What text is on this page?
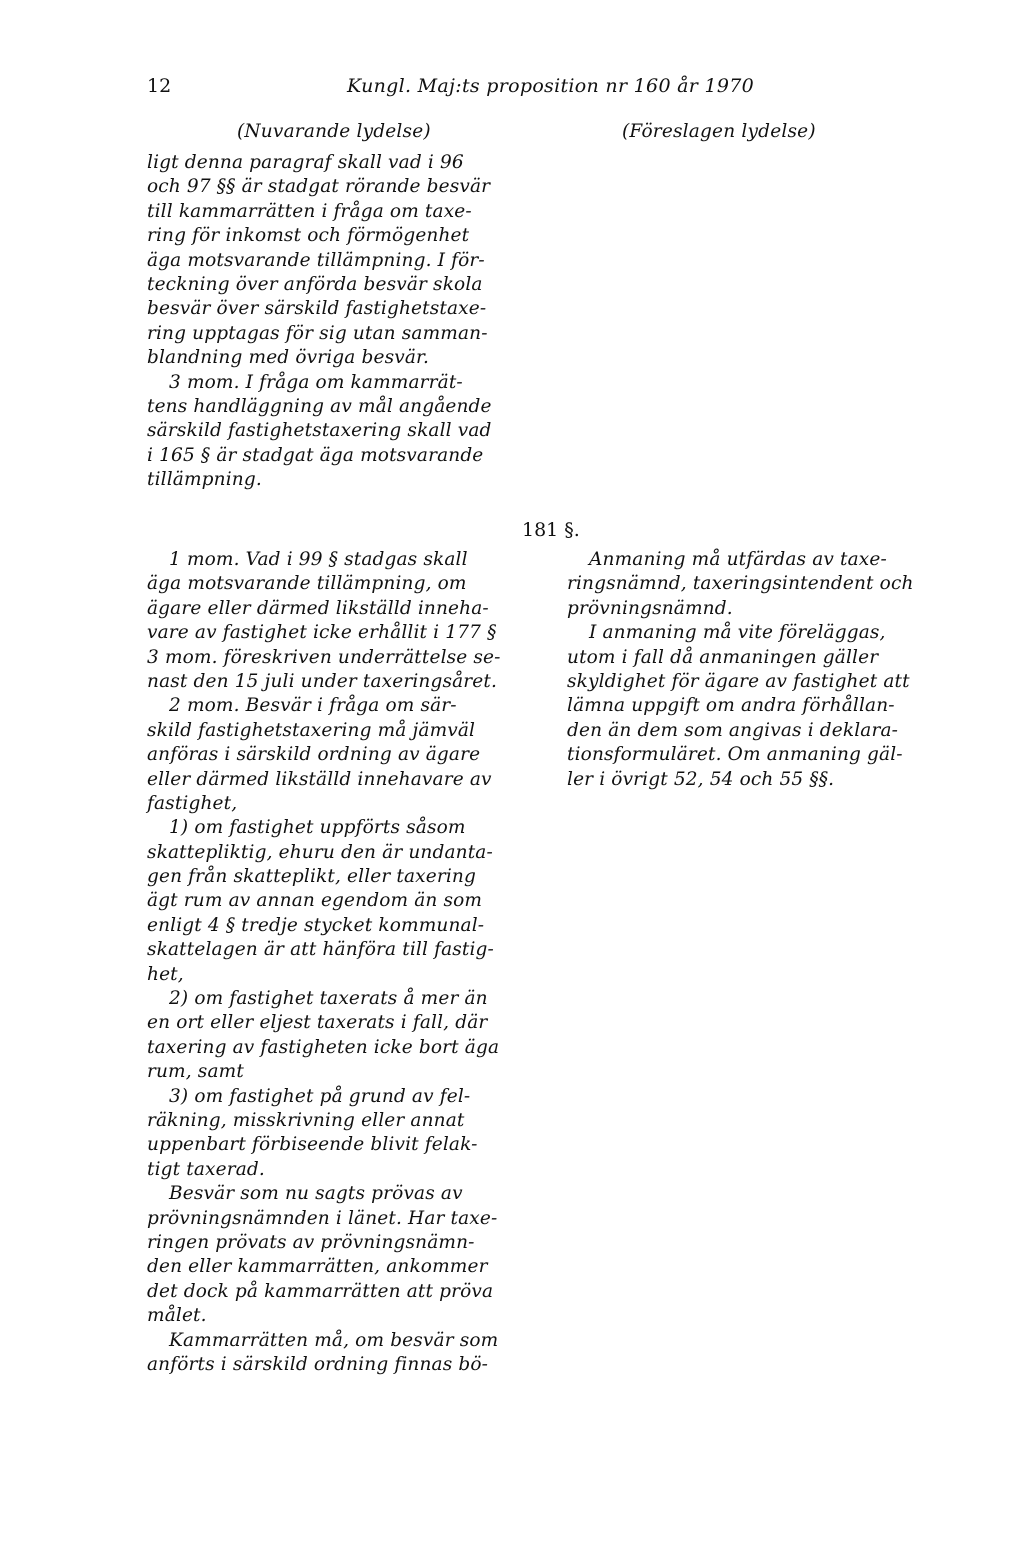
12	Kungl. Maj:ts proposition nr 160 år 1970
(Nuvarande lydelse)	(Föreslagen lydelse)
ligt denna paragraf skall vad i 96
och 97 §§ är stadgat rörande besvär
till kammarrätten i fråga om taxe-
ring för inkomst och förmögenhet
äga motsvarande tillämpning. I för-
teckning över anförda besvär skola
besvär över särskild fastighetstaxe-
ring upptagas för sig utan samman-
blandning med övriga besvär.
3 mom. I fråga om kammarrät-
tens handläggning av mål angående
särskild fastighetstaxering skall vad
i 165 § är stadgat äga motsvarande
tillämpning.
181 §.
1 mom. Vad i 99 § stadgas skall
äga motsvarande tillämpning, om
ägare eller därmed likställd inneha-
vare av fastighet icke erhållit i 177 §
3 mom. föreskriven underrättelse se-
nast den 15 juli under taxeringsåret.
2 mom. Besvär i fråga om sär-
skild fastighetstaxering må jämväl
anföras i särskild ordning av ägare
eller därmed likställd innehavare av
fastighet,
1) om fastighet uppförts såsom
skattepliktig, ehuru den är undanta-
gen från skatteplikt, eller taxering
ägt rum av annan egendom än som
enligt 4 § tredje stycket kommunal-
skattelagen är att hänföra till fastig-
het,
2) om fastighet taxerats å mer än
en ort eller eljest taxerats i fall, där
taxering av fastigheten icke bort äga
rum, samt
3) om fastighet på grund av fel-
räkning, misskrivning eller annat
uppenbart förbiseende blivit felak-
tigt taxerad.
Besvär som nu sagts prövas av
prövningsnämnden i länet. Har taxe-
ringen prövats av prövningsnämn-
den eller kammarrätten, ankommer
det dock på kammarrätten att pröva
målet.
Kammarrätten må, om besvär som
anförts i särskild ordning finnas bö-
Anmaning må utfärdas av taxe-
ringsnämnd, taxeringsintendent och
prövningsnämnd.
I anmaning må vite föreläggas,
utom i fall då anmaningen gäller
skyldighet för ägare av fastighet att
lämna uppgift om andra förhållan-
den än dem som angivas i deklara-
tionsformuläret. Om anmaning gäl-
ler i övrigt 52, 54 och 55 §§.
